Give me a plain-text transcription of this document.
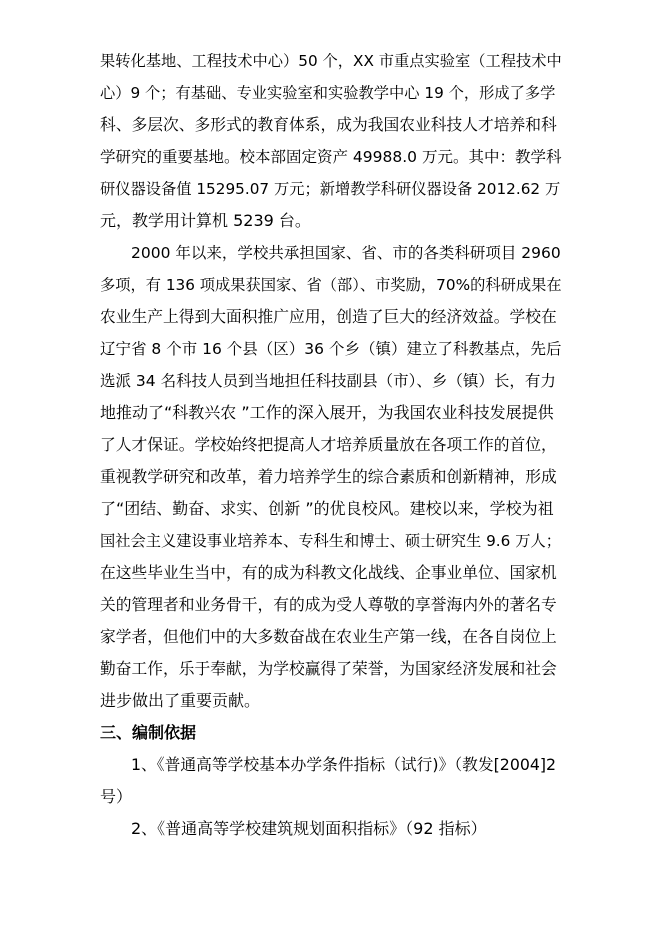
果转化基地、工程技术中心）50 个，XX 市重点实验室（工程技术中
心）9 个；有基础、专业实验室和实验教学中心 19 个，形成了多学
科、多层次、多形式的教育体系，成为我国农业科技人才培养和科
学研究的重要基地。校本部固定资产 49988.0 万元。其中：教学科
研仪器设备值 15295.07 万元；新增教学科研仪器设备 2012.62 万
元，教学用计算机 5239 台。
2000 年以来，学校共承担国家、省、市的各类科研项目 2960
多项，有 136 项成果获国家、省（部）、市奖励，70%的科研成果在
农业生产上得到大面积推广应用，创造了巨大的经济效益。学校在
辽宁省 8 个市 16 个县（区）36 个乡（镇）建立了科教基点，先后
选派 34 名科技人员到当地担任科技副县（市）、乡（镇）长，有力
地推动了“科教兴农 ”工作的深入展开，为我国农业科技发展提供
了人才保证。学校始终把提高人才培养质量放在各项工作的首位，
重视教学研究和改革，着力培养学生的综合素质和创新精神，形成
了“团结、勤奋、求实、创新 ”的优良校风。建校以来，学校为祖
国社会主义建设事业培养本、专科生和博士、硕士研究生 9.6 万人；
在这些毕业生当中，有的成为科教文化战线、企事业单位、国家机
关的管理者和业务骨干，有的成为受人尊敬的享誉海内外的著名专
家学者，但他们中的大多数奋战在农业生产第一线，在各自岗位上
勤奋工作，乐于奉献，为学校赢得了荣誉，为国家经济发展和社会
进步做出了重要贡献。
三、编制依据
1、《普通高等学校基本办学条件指标（试行)》（教发[2004]2
号）
2、《普通高等学校建筑规划面积指标》（92 指标）
